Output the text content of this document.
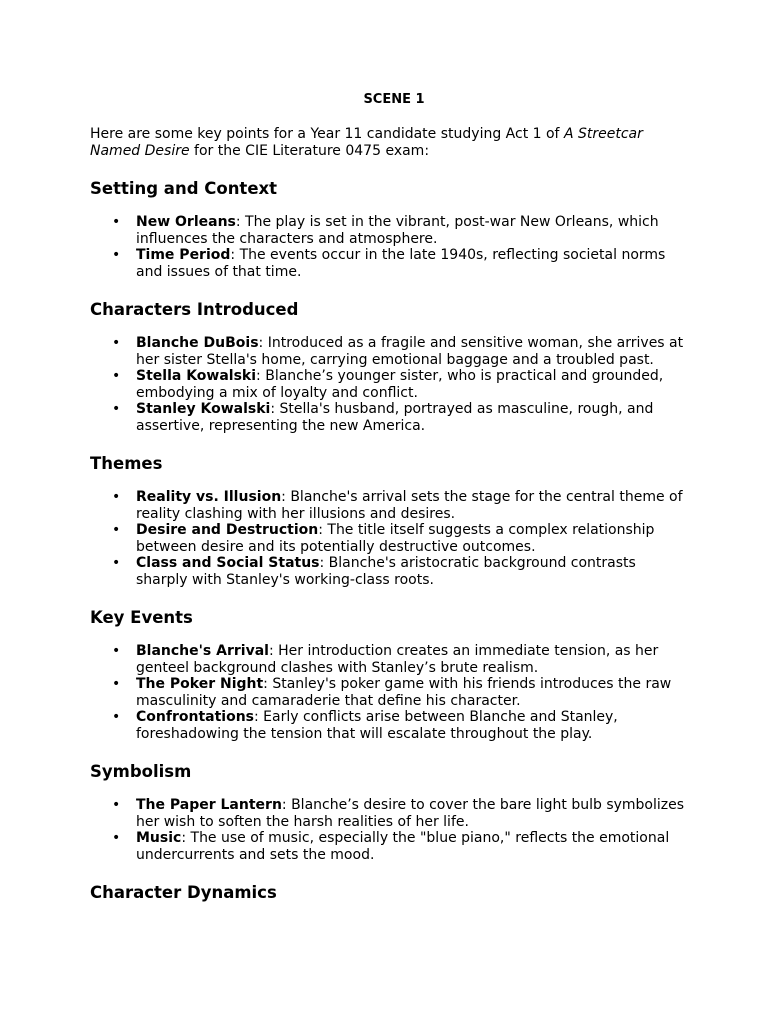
SCENE 1

Here are some key points for a Year 11 candidate studying Act 1 of A Streetcar Named Desire for the CIE Literature 0475 exam:

Setting and Context
• New Orleans: The play is set in the vibrant, post-war New Orleans, which influences the characters and atmosphere.
• Time Period: The events occur in the late 1940s, reflecting societal norms and issues of that time.
Characters Introduced
• Blanche DuBois: Introduced as a fragile and sensitive woman, she arrives at her sister Stella's home, carrying emotional baggage and a troubled past.
• Stella Kowalski: Blanche’s younger sister, who is practical and grounded, embodying a mix of loyalty and conflict.
• Stanley Kowalski: Stella's husband, portrayed as masculine, rough, and assertive, representing the new America.
Themes
• Reality vs. Illusion: Blanche's arrival sets the stage for the central theme of reality clashing with her illusions and desires.
• Desire and Destruction: The title itself suggests a complex relationship between desire and its potentially destructive outcomes.
• Class and Social Status: Blanche's aristocratic background contrasts sharply with Stanley's working-class roots.
Key Events
• Blanche's Arrival: Her introduction creates an immediate tension, as her genteel background clashes with Stanley’s brute realism.
• The Poker Night: Stanley's poker game with his friends introduces the raw masculinity and camaraderie that define his character.
• Confrontations: Early conflicts arise between Blanche and Stanley, foreshadowing the tension that will escalate throughout the play.
Symbolism
• The Paper Lantern: Blanche’s desire to cover the bare light bulb symbolizes her wish to soften the harsh realities of her life.
• Music: The use of music, especially the "blue piano," reflects the emotional undercurrents and sets the mood.
Character Dynamics
